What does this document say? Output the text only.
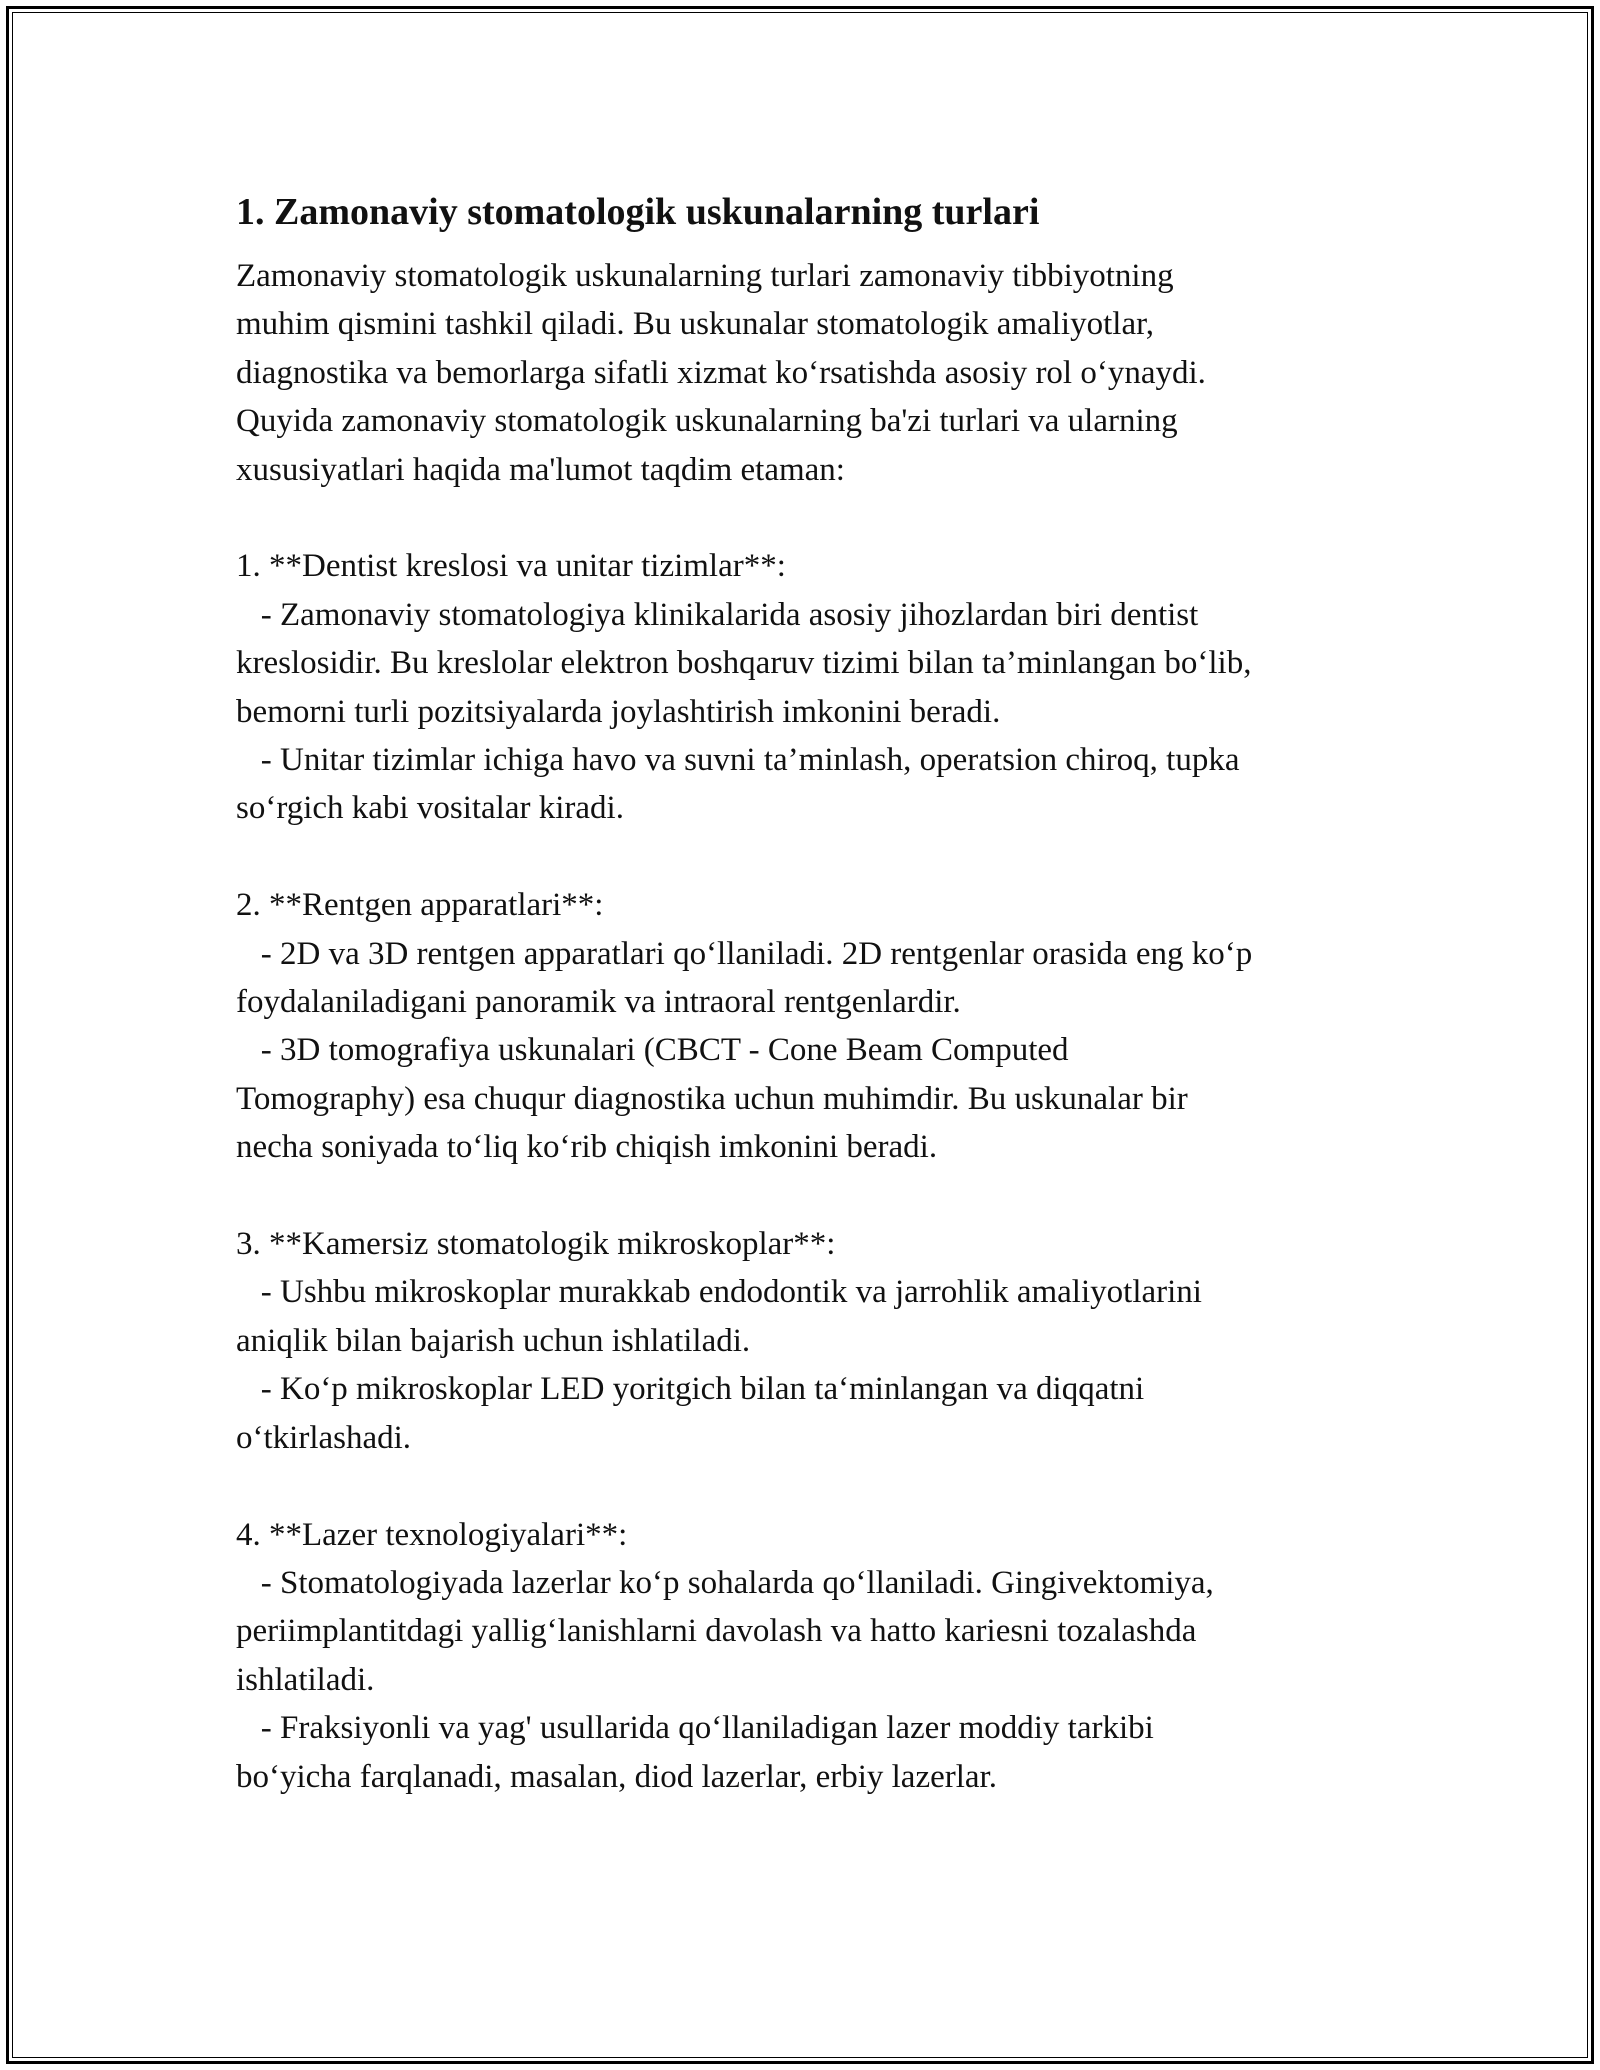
1. Zamonaviy stomatologik uskunalarning turlari
Zamonaviy stomatologik uskunalarning turlari zamonaviy tibbiyotning
muhim qismini tashkil qiladi. Bu uskunalar stomatologik amaliyotlar,
diagnostika va bemorlarga sifatli xizmat ko‘rsatishda asosiy rol o‘ynaydi.
Quyida zamonaviy stomatologik uskunalarning ba'zi turlari va ularning
xususiyatlari haqida ma'lumot taqdim etaman:
1. **Dentist kreslosi va unitar tizimlar**:
- Zamonaviy stomatologiya klinikalarida asosiy jihozlardan biri dentist
kreslosidir. Bu kreslolar elektron boshqaruv tizimi bilan ta’minlangan bo‘lib,
bemorni turli pozitsiyalarda joylashtirish imkonini beradi.
- Unitar tizimlar ichiga havo va suvni ta’minlash, operatsion chiroq, tupka
so‘rgich kabi vositalar kiradi.
2. **Rentgen apparatlari**:
- 2D va 3D rentgen apparatlari qo‘llaniladi. 2D rentgenlar orasida eng ko‘p
foydalaniladigani panoramik va intraoral rentgenlardir.
- 3D tomografiya uskunalari (CBCT - Cone Beam Computed
Tomography) esa chuqur diagnostika uchun muhimdir. Bu uskunalar bir
necha soniyada to‘liq ko‘rib chiqish imkonini beradi.
3. **Kamersiz stomatologik mikroskoplar**:
- Ushbu mikroskoplar murakkab endodontik va jarrohlik amaliyotlarini
aniqlik bilan bajarish uchun ishlatiladi.
- Ko‘p mikroskoplar LED yoritgich bilan ta‘minlangan va diqqatni
o‘tkirlashadi.
4. **Lazer texnologiyalari**:
- Stomatologiyada lazerlar ko‘p sohalarda qo‘llaniladi. Gingivektomiya,
periimplantitdagi yallig‘lanishlarni davolash va hatto kariesni tozalashda
ishlatiladi.
- Fraksiyonli va yag' usullarida qo‘llaniladigan lazer moddiy tarkibi
bo‘yicha farqlanadi, masalan, diod lazerlar, erbiy lazerlar.
